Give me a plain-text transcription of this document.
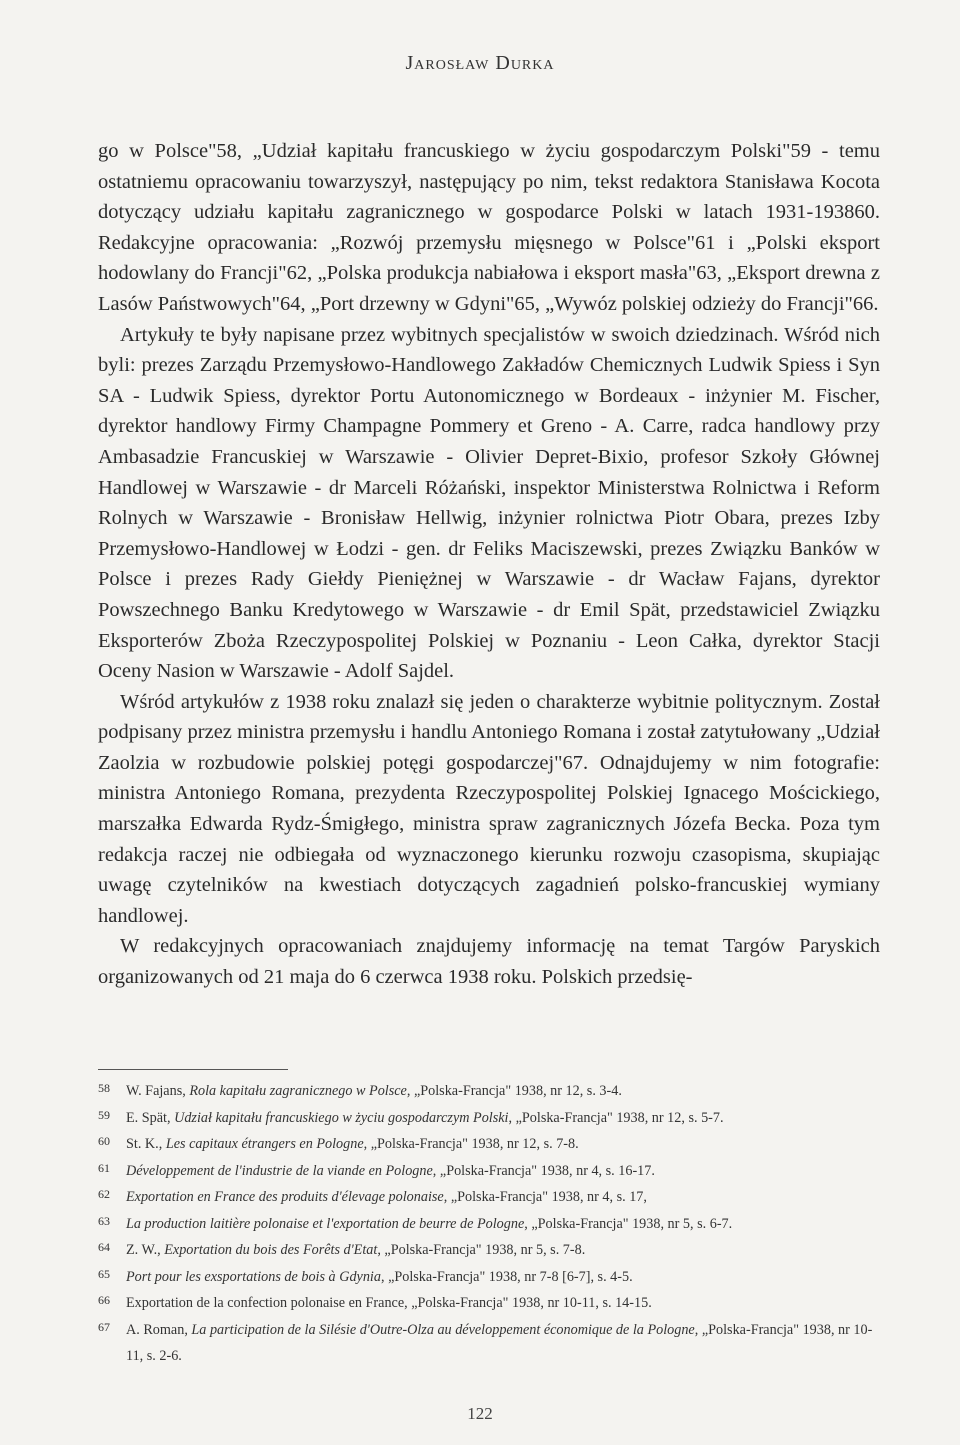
Jarosław Durka

go w Polsce"58, „Udział kapitału francuskiego w życiu gospodarczym Polski"59 - temu ostatniemu opracowaniu towarzyszył, następujący po nim, tekst redaktora Stanisława Kocota dotyczący udziału kapitału zagranicznego w gospodarce Polski w latach 1931-193860. Redakcyjne opracowania: „Rozwój przemysłu mięsnego w Polsce"61 i „Polski eksport hodowlany do Francji"62, „Polska produkcja nabiałowa i eksport masła"63, „Eksport drewna z Lasów Państwowych"64, „Port drzewny w Gdyni"65, „Wywóz polskiej odzieży do Francji"66.

Artykuły te były napisane przez wybitnych specjalistów w swoich dziedzinach. Wśród nich byli: prezes Zarządu Przemysłowo-Handlowego Zakładów Chemicznych Ludwik Spiess i Syn SA - Ludwik Spiess, dyrektor Portu Autonomicznego w Bordeaux - inżynier M. Fischer, dyrektor handlowy Firmy Champagne Pommery et Greno - A. Carre, radca handlowy przy Ambasadzie Francuskiej w Warszawie - Olivier Depret-Bixio, profesor Szkoły Głównej Handlowej w Warszawie - dr Marceli Różański, inspektor Ministerstwa Rolnictwa i Reform Rolnych w Warszawie - Bronisław Hellwig, inżynier rolnictwa Piotr Obara, prezes Izby Przemysłowo-Handlowej w Łodzi - gen. dr Feliks Maciszewski, prezes Związku Banków w Polsce i prezes Rady Giełdy Pieniężnej w Warszawie - dr Wacław Fajans, dyrektor Powszechnego Banku Kredytowego w Warszawie - dr Emil Spät, przedstawiciel Związku Eksporterów Zboża Rzeczypospolitej Polskiej w Poznaniu - Leon Całka, dyrektor Stacji Oceny Nasion w Warszawie - Adolf Sajdel.

Wśród artykułów z 1938 roku znalazł się jeden o charakterze wybitnie politycznym. Został podpisany przez ministra przemysłu i handlu Antoniego Romana i został zatytułowany „Udział Zaolzia w rozbudowie polskiej potęgi gospodarczej"67. Odnajdujemy w nim fotografie: ministra Antoniego Romana, prezydenta Rzeczypospolitej Polskiej Ignacego Mościckiego, marszałka Edwarda Rydz-Śmigłego, ministra spraw zagranicznych Józefa Becka. Poza tym redakcja raczej nie odbiegała od wyznaczonego kierunku rozwoju czasopisma, skupiając uwagę czytelników na kwestiach dotyczących zagadnień polsko-francuskiej wymiany handlowej.

W redakcyjnych opracowaniach znajdujemy informację na temat Targów Paryskich organizowanych od 21 maja do 6 czerwca 1938 roku. Polskich przedsię-

58	W. Fajans, Rola kapitału zagranicznego w Polsce, „Polska-Francja" 1938, nr 12, s. 3-4.
59	E. Spät, Udział kapitału francuskiego w życiu gospodarczym Polski, „Polska-Francja" 1938, nr 12, s. 5-7.
60	St. K., Les capitaux étrangers en Pologne, „Polska-Francja" 1938, nr 12, s. 7-8.
61	Développement de l'industrie de la viande en Pologne, „Polska-Francja" 1938, nr 4, s. 16-17.
62	Exportation en France des produits d'élevage polonaise, „Polska-Francja" 1938, nr 4, s. 17,
63	La production laitière polonaise et l'exportation de beurre de Pologne, „Polska-Francja" 1938, nr 5, s. 6-7.
64	Z. W., Exportation du bois des Forêts d'Etat, „Polska-Francja" 1938, nr 5, s. 7-8.
65	Port pour les exsportations de bois à Gdynia, „Polska-Francja" 1938, nr 7-8 [6-7], s. 4-5.
66	Exportation de la confection polonaise en France, „Polska-Francja" 1938, nr 10-11, s. 14-15.
67	A. Roman, La participation de la Silésie d'Outre-Olza au développement économique de la Pologne, „Polska-Francja" 1938, nr 10-11, s. 2-6.
122
